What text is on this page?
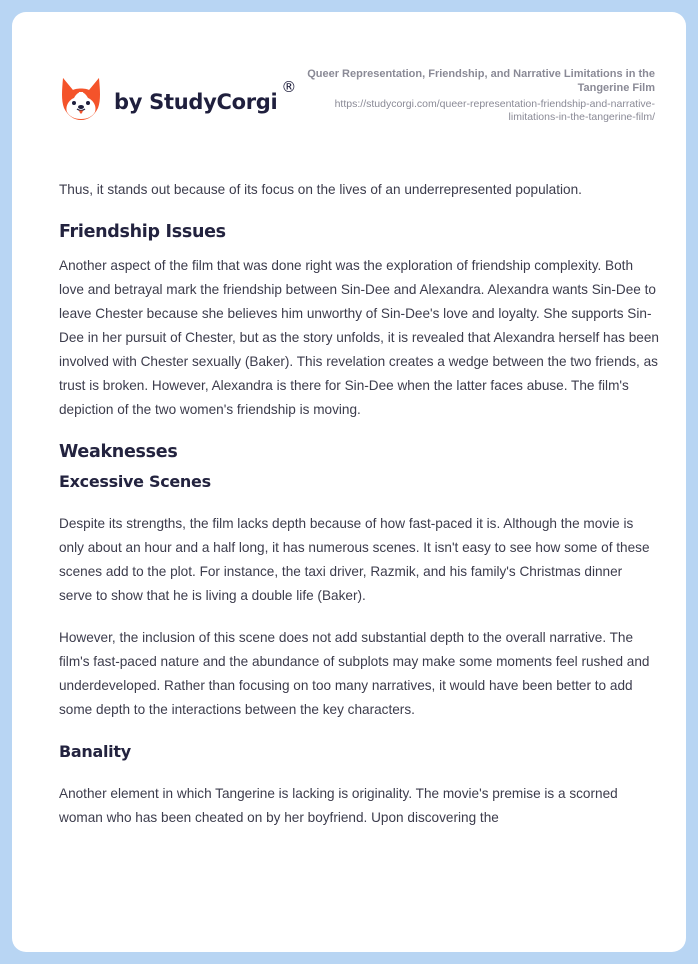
by StudyCorgi
®
Queer Representation, Friendship, and Narrative Limitations in the Tangerine Film
https://studycorgi.com/queer-representation-friendship-and-narrative-limitations-in-the-tangerine-film/

Thus, it stands out because of its focus on the lives of an underrepresented population.

Friendship Issues

Another aspect of the film that was done right was the exploration of friendship complexity. Both love and betrayal mark the friendship between Sin-Dee and Alexandra. Alexandra wants Sin-Dee to leave Chester because she believes him unworthy of Sin-Dee's love and loyalty. She supports Sin-Dee in her pursuit of Chester, but as the story unfolds, it is revealed that Alexandra herself has been involved with Chester sexually (Baker). This revelation creates a wedge between the two friends, as trust is broken. However, Alexandra is there for Sin-Dee when the latter faces abuse. The film's depiction of the two women's friendship is moving.

Weaknesses
Excessive Scenes

Despite its strengths, the film lacks depth because of how fast-paced it is. Although the movie is only about an hour and a half long, it has numerous scenes. It isn't easy to see how some of these scenes add to the plot. For instance, the taxi driver, Razmik, and his family's Christmas dinner serve to show that he is living a double life (Baker).

However, the inclusion of this scene does not add substantial depth to the overall narrative. The film's fast-paced nature and the abundance of subplots may make some moments feel rushed and underdeveloped. Rather than focusing on too many narratives, it would have been better to add some depth to the interactions between the key characters.

Banality

Another element in which Tangerine is lacking is originality. The movie's premise is a scorned woman who has been cheated on by her boyfriend. Upon discovering the
